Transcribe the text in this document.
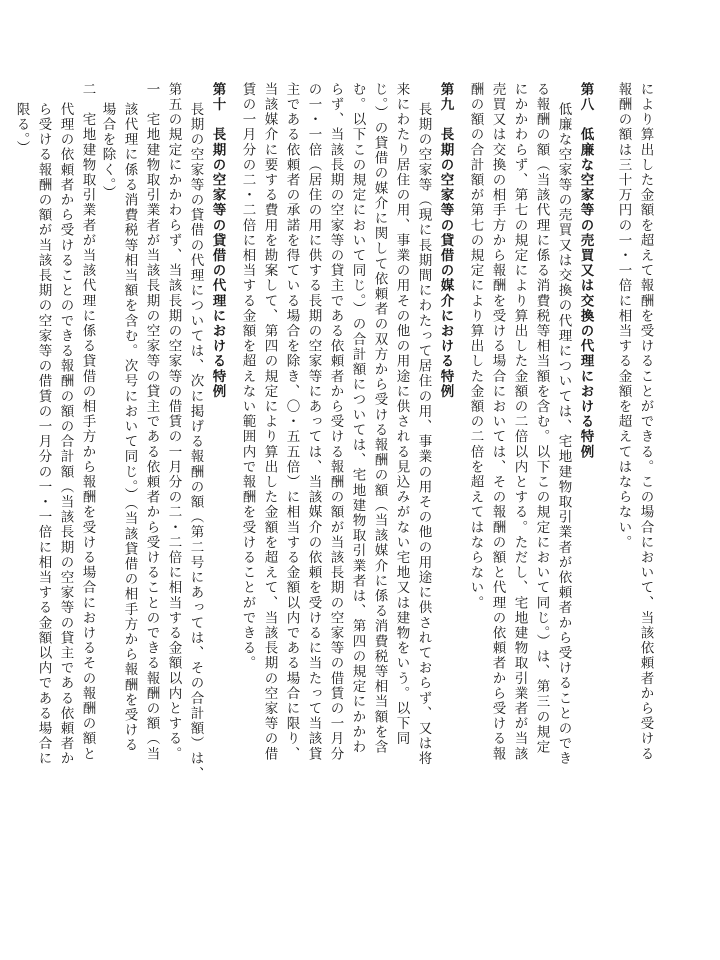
により算出した金額を超えて報酬を受けることができる。この場合において、当該依頼者から受ける
報酬の額は三十万円の一・一倍に相当する金額を超えてはならない。
第八　低廉な空家等の売買又は交換の代理における特例
低廉な空家等の売買又は交換の代理については、宅地建物取引業者が依頼者から受けることのでき
る報酬の額（当該代理に係る消費税等相当額を含む。以下この規定において同じ。）は、第三の規定
にかかわらず、第七の規定により算出した金額の二倍以内とする。ただし、宅地建物取引業者が当該
売買又は交換の相手方から報酬を受ける場合においては、その報酬の額と代理の依頼者から受ける報
酬の額の合計額が第七の規定により算出した金額の二倍を超えてはならない。
第九　長期の空家等の貸借の媒介における特例
長期の空家等（現に長期間にわたって居住の用、事業の用その他の用途に供されておらず、又は将
来にわたり居住の用、事業の用その他の用途に供される見込みがない宅地又は建物をいう。以下同
じ。）の貸借の媒介に関して依頼者の双方から受ける報酬の額（当該媒介に係る消費税等相当額を含
む。以下この規定において同じ。）の合計額については、宅地建物取引業者は、第四の規定にかかわ
らず、当該長期の空家等の貸主である依頼者から受ける報酬の額が当該長期の空家等の借賃の一月分
の一・一倍（居住の用に供する長期の空家等にあっては、当該媒介の依頼を受けるに当たって当該貸
主である依頼者の承諾を得ている場合を除き、〇・五五倍）に相当する金額以内である場合に限り、
当該媒介に要する費用を勘案して、第四の規定により算出した金額を超えて、当該長期の空家等の借
賃の一月分の二・二倍に相当する金額を超えない範囲内で報酬を受けることができる。
第十　長期の空家等の貸借の代理における特例
長期の空家等の貸借の代理については、次に掲げる報酬の額（第二号にあっては、その合計額）は、
第五の規定にかかわらず、当該長期の空家等の借賃の一月分の二・二倍に相当する金額以内とする。
一　宅地建物取引業者が当該長期の空家等の貸主である依頼者から受けることのできる報酬の額（当
該代理に係る消費税等相当額を含む。次号において同じ。）（当該貸借の相手方から報酬を受ける
場合を除く。）
二　宅地建物取引業者が当該代理に係る貸借の相手方から報酬を受ける場合におけるその報酬の額と
代理の依頼者から受けることのできる報酬の額の合計額（当該長期の空家等の貸主である依頼者か
ら受ける報酬の額が当該長期の空家等の借賃の一月分の一・一倍に相当する金額以内である場合に
限る。）
